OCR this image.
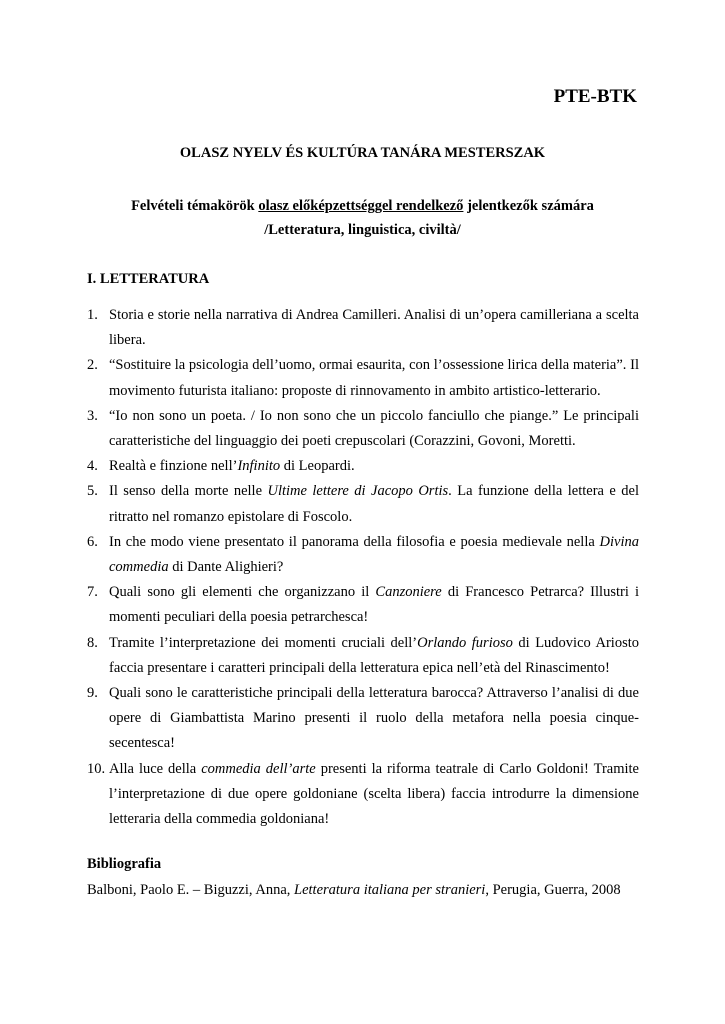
PTE-BTK

OLASZ NYELV ÉS KULTÚRA TANÁRA MESTERSZAK

Felvételi témakörök olasz előképzettséggel rendelkező jelentkezők számára
/Letteratura, linguistica, civiltà/

I. LETTERATURA

1. Storia e storie nella narrativa di Andrea Camilleri. Analisi di un’opera camilleriana a scelta libera.
2. “Sostituire la psicologia dell’uomo, ormai esaurita, con l’ossessione lirica della materia”. Il movimento futurista italiano: proposte di rinnovamento in ambito artistico-letterario.
3. “Io non sono un poeta. / Io non sono che un piccolo fanciullo che piange.” Le principali caratteristiche del linguaggio dei poeti crepuscolari (Corazzini, Govoni, Moretti.
4. Realtà e finzione nell’Infinito di Leopardi.
5. Il senso della morte nelle Ultime lettere di Jacopo Ortis. La funzione della lettera e del ritratto nel romanzo epistolare di Foscolo.
6. In che modo viene presentato il panorama della filosofia e poesia medievale nella Divina commedia di Dante Alighieri?
7. Quali sono gli elementi che organizzano il Canzoniere di Francesco Petrarca? Illustri i momenti peculiari della poesia petrarchesca!
8. Tramite l’interpretazione dei momenti cruciali dell’Orlando furioso di Ludovico Ariosto faccia presentare i caratteri principali della letteratura epica nell’età del Rinascimento!
9. Quali sono le caratteristiche principali della letteratura barocca? Attraverso l’analisi di due opere di Giambattista Marino presenti il ruolo della metafora nella poesia cinque-secentesca!
10. Alla luce della commedia dell’arte presenti la riforma teatrale di Carlo Goldoni! Tramite l’interpretazione di due opere goldoniane (scelta libera) faccia introdurre la dimensione letteraria della commedia goldoniana!

Bibliografia

Balboni, Paolo E. – Biguzzi, Anna, Letteratura italiana per stranieri, Perugia, Guerra, 2008
